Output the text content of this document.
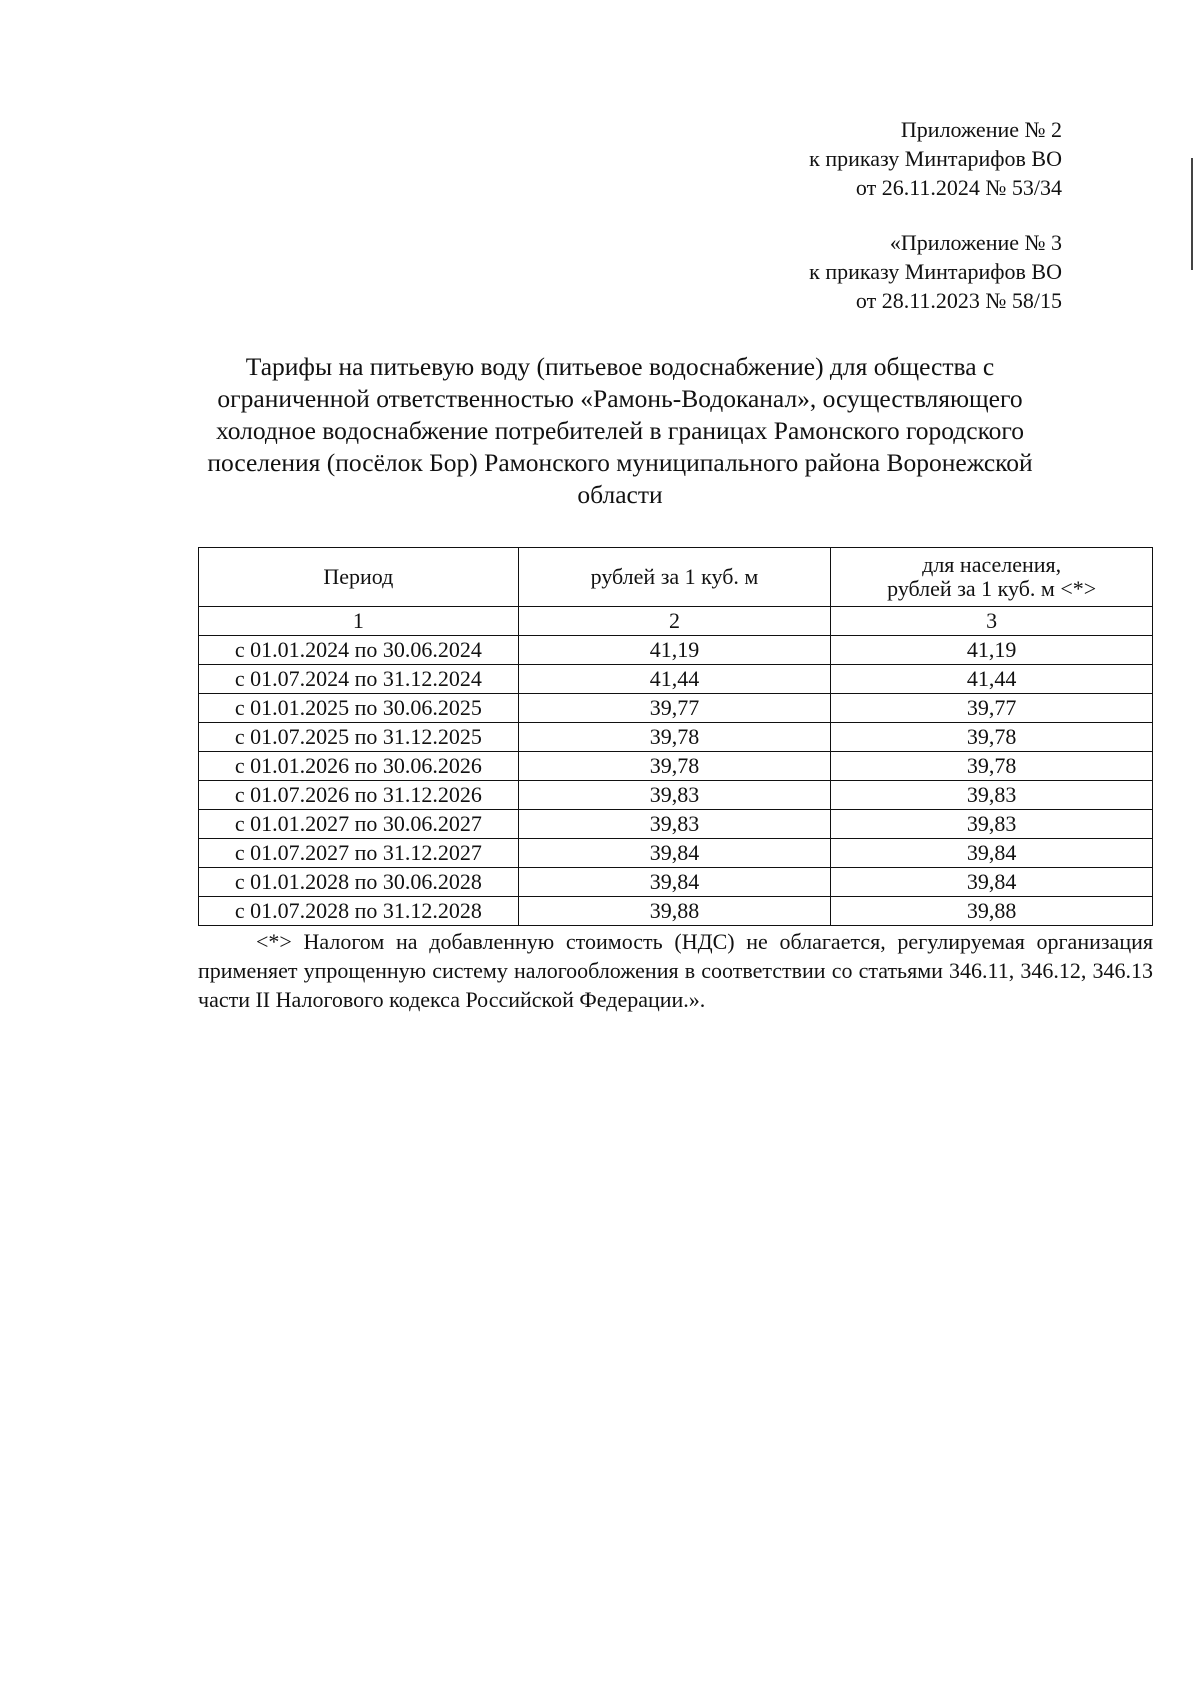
Приложение № 2
к приказу Минтарифов ВО
от 26.11.2024 № 53/34
«Приложение № 3
к приказу Минтарифов ВО
от 28.11.2023 № 58/15
Тарифы на питьевую воду (питьевое водоснабжение) для общества с
ограниченной ответственностью «Рамонь-Водоканал», осуществляющего
холодное водоснабжение потребителей в границах Рамонского городского
поселения (посёлок Бор) Рамонского муниципального района Воронежской
области
Период	рублей за 1 куб. м	для населения,
рублей за 1 куб. м <*>

1	2	3
с 01.01.2024 по 30.06.2024	41,19	41,19
с 01.07.2024 по 31.12.2024	41,44	41,44
с 01.01.2025 по 30.06.2025	39,77	39,77
с 01.07.2025 по 31.12.2025	39,78	39,78
с 01.01.2026 по 30.06.2026	39,78	39,78
с 01.07.2026 по 31.12.2026	39,83	39,83
с 01.01.2027 по 30.06.2027	39,83	39,83
с 01.07.2027 по 31.12.2027	39,84	39,84
с 01.01.2028 по 30.06.2028	39,84	39,84
с 01.07.2028 по 31.12.2028	39,88	39,88
<*> Налогом на добавленную стоимость (НДС) не облагается, регулируемая организация применяет упрощенную систему налогообложения в соответствии со статьями 346.11, 346.12, 346.13 части II Налогового кодекса Российской Федерации.».
